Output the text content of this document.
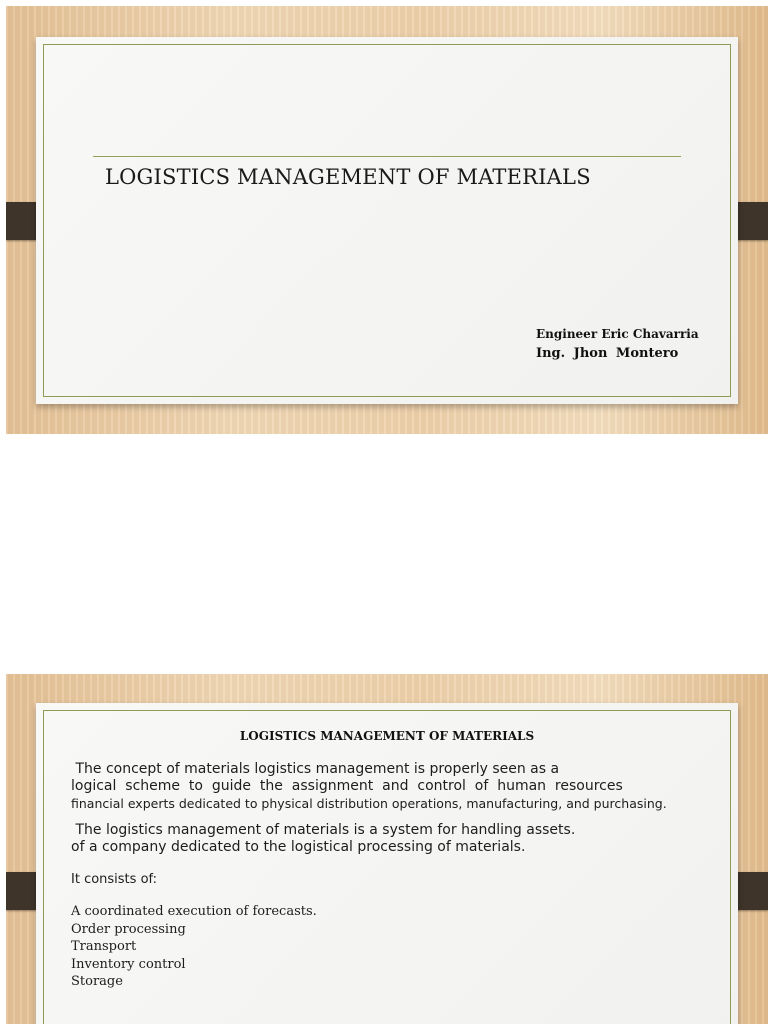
LOGISTICS MANAGEMENT OF MATERIALS
Engineer Eric Chavarria
Ing. Jhon Montero
LOGISTICS MANAGEMENT OF MATERIALS
The concept of materials logistics management is properly seen as a
logical  scheme  to  guide  the  assignment  and  control  of  human  resources
financial experts dedicated to physical distribution operations, manufacturing, and purchasing.
The logistics management of materials is a system for handling assets.
of a company dedicated to the logistical processing of materials.
It consists of:
A coordinated execution of forecasts.
Order processing
Transport
Inventory control
Storage
